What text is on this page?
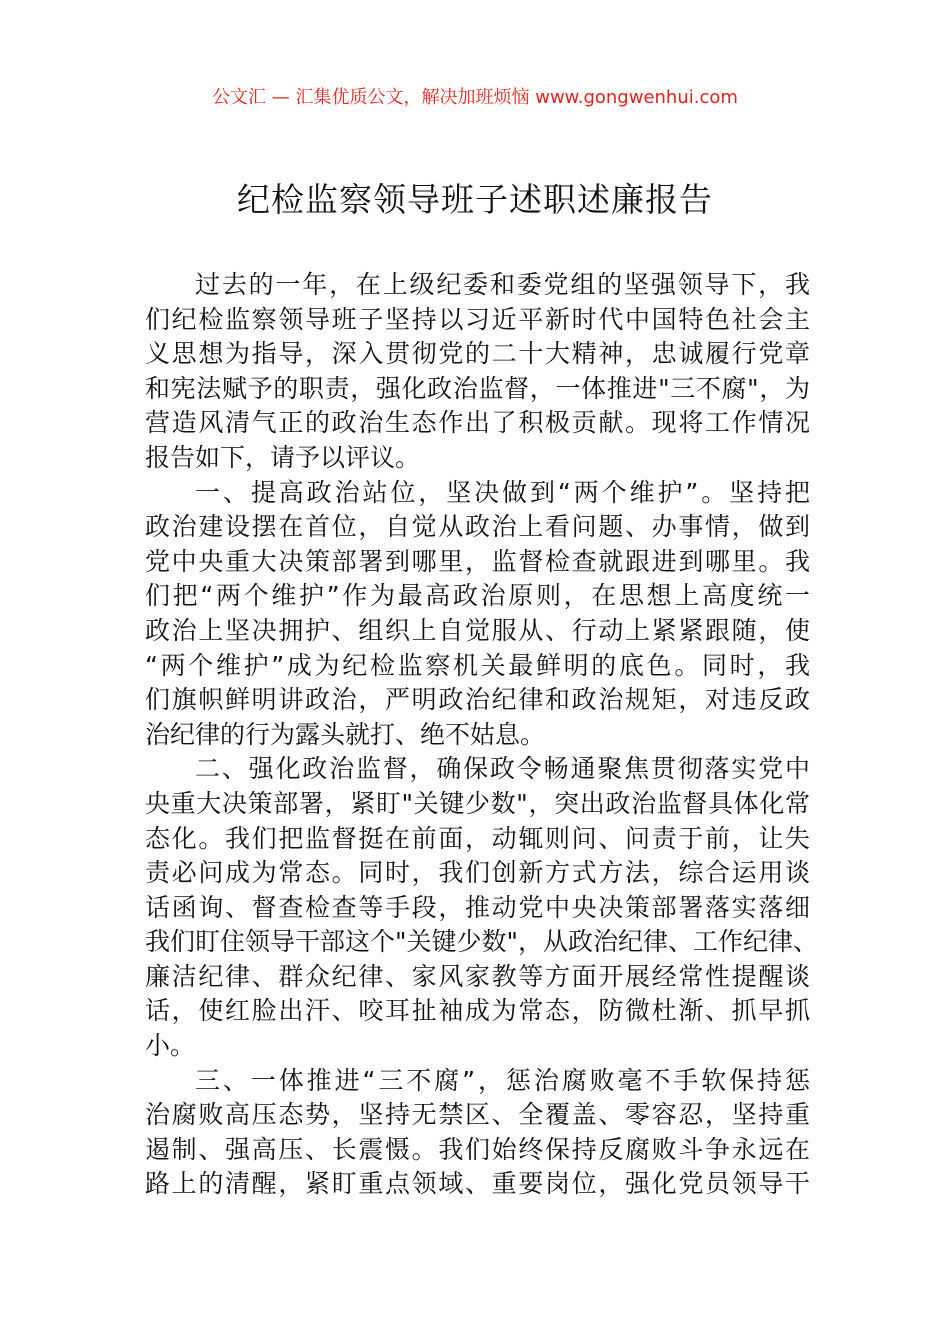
公文汇 — 汇集优质公文，解决加班烦恼 www.gongwenhui.com
纪检监察领导班子述职述廉报告
过去的一年，在上级纪委和委党组的坚强领导下，我
们纪检监察领导班子坚持以习近平新时代中国特色社会主
义思想为指导，深入贯彻党的二十大精神，忠诚履行党章
和宪法赋予的职责，强化政治监督，一体推进"三不腐"，为
营造风清气正的政治生态作出了积极贡献。现将工作情况
报告如下，请予以评议。
一、提高政治站位，坚决做到“两个维护”。坚持把
政治建设摆在首位，自觉从政治上看问题、办事情，做到
党中央重大决策部署到哪里，监督检查就跟进到哪里。我
们把“两个维护”作为最高政治原则，在思想上高度统一
政治上坚决拥护、组织上自觉服从、行动上紧紧跟随，使
“两个维护”成为纪检监察机关最鲜明的底色。同时，我
们旗帜鲜明讲政治，严明政治纪律和政治规矩，对违反政
治纪律的行为露头就打、绝不姑息。
二、强化政治监督，确保政令畅通聚焦贯彻落实党中
央重大决策部署，紧盯"关键少数"，突出政治监督具体化常
态化。我们把监督挺在前面，动辄则问、问责于前，让失
责必问成为常态。同时，我们创新方式方法，综合运用谈
话函询、督查检查等手段，推动党中央决策部署落实落细
我们盯住领导干部这个"关键少数"，从政治纪律、工作纪律、
廉洁纪律、群众纪律、家风家教等方面开展经常性提醒谈
话，使红脸出汗、咬耳扯袖成为常态，防微杜渐、抓早抓
小。
三、一体推进“三不腐”，惩治腐败毫不手软保持惩
治腐败高压态势，坚持无禁区、全覆盖、零容忍，坚持重
遏制、强高压、长震慑。我们始终保持反腐败斗争永远在
路上的清醒，紧盯重点领域、重要岗位，强化党员领导干
